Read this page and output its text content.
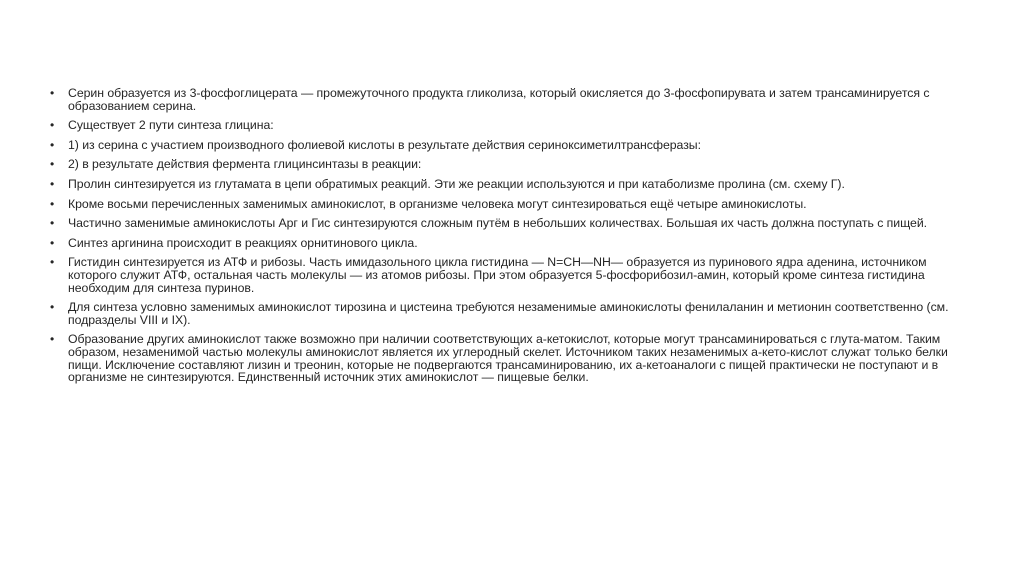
• Серин образуется из 3-фосфоглицерата — промежуточного продукта гликолиза, который окисляется до 3-фосфопирувата и затем трансаминируется с образованием серина.
• Существует 2 пути синтеза глицина:
• 1) из серина с участием производного фолиевой кислоты в результате действия сериноксиметилтрансферазы:
• 2) в результате действия фермента глицинсинтазы в реакции:
• Пролин синтезируется из глутамата в цепи обратимых реакций. Эти же реакции используются и при катаболизме пролина (см. схему Г).
• Кроме восьми перечисленных заменимых аминокислот, в организме человека могут синтезироваться ещё четыре аминокислоты.
• Частично заменимые аминокислоты Арг и Гис синтезируются сложным путём в небольших количествах. Большая их часть должна поступать с пищей.
• Синтез аргинина происходит в реакциях орнитинового цикла.
• Гистидин синтезируется из АТФ и рибозы. Часть имидазольного цикла гистидина — N=CH—NH— образуется из пуринового ядра аденина, источником которого служит АТФ, остальная часть молекулы — из атомов рибозы. При этом образуется 5-фосфорибозил-амин, который кроме синтеза гистидина необходим для синтеза пуринов.
• Для синтеза условно заменимых аминокислот тирозина и цистеина требуются незаменимые аминокислоты фенилаланин и метионин соответственно (см. подразделы VIII и IX).
• Образование других аминокислот также возможно при наличии соответствующих а-кетокислот, которые могут трансаминироваться с глута-матом. Таким образом, незаменимой частью молекулы аминокислот является их углеродный скелет. Источником таких незаменимых а-кето-кислот служат только белки пищи. Исключение составляют лизин и треонин, которые не подвергаются трансаминированию, их а-кетоаналоги с пищей практически не поступают и в организме не синтезируются. Единственный источник этих аминокислот — пищевые белки.
